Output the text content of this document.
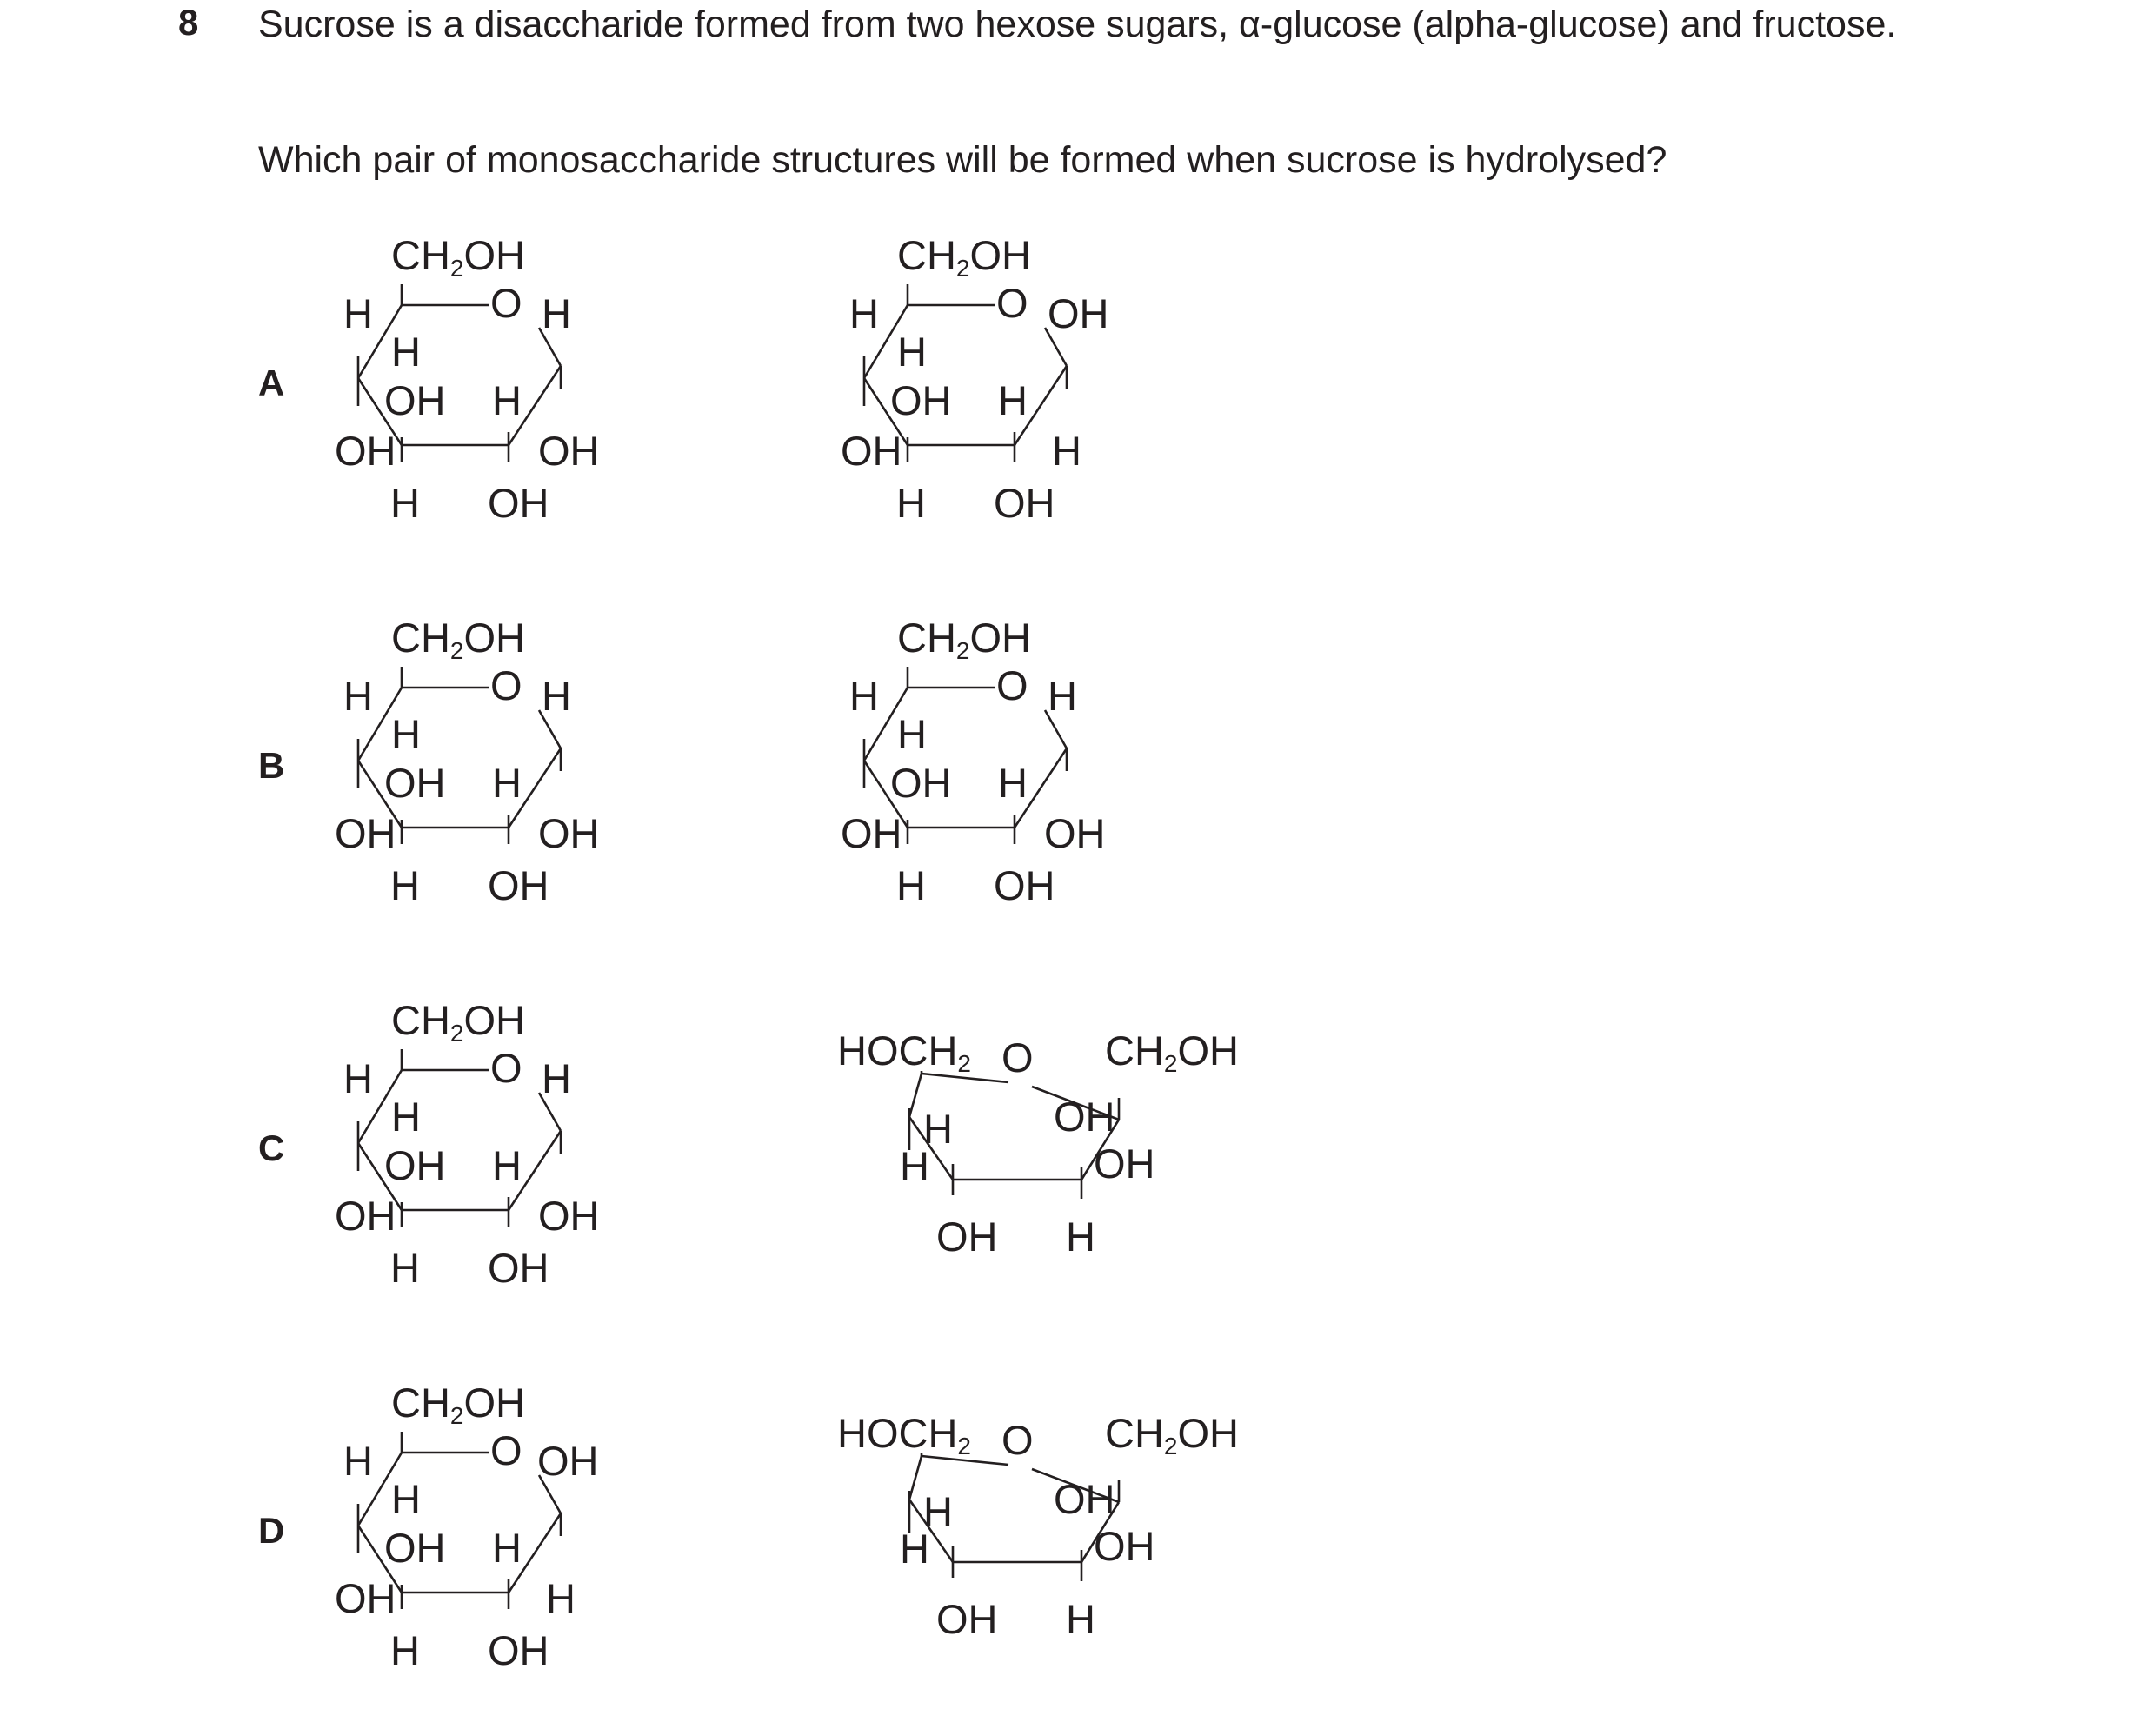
8 Sucrose is a disaccharide formed from two hexose sugars, α-glucose (alpha-glucose) and fructose.
Which pair of monosaccharide structures will be formed when sucrose is hydrolysed?
A
B
C
D
CH2OH
O
H
H
OH H
OH
H OH
H
OH
CH2OH
O
H
H
OH H
OH
H OH
OH
H
CH2OH
O
H
H
OH H
OH
H OH
H
OH
CH2OH
O
H
H
OH H
OH
H OH
H
OH
CH2OH
O
H
H
OH H
OH
H OH
H
OH
HOCH2 O CH2OH
H
H
OH
OH
OH H
CH2OH
O
H
H
OH H
OH
H OH
OH
H
HOCH2 O CH2OH
H
H
OH
OH
OH H
